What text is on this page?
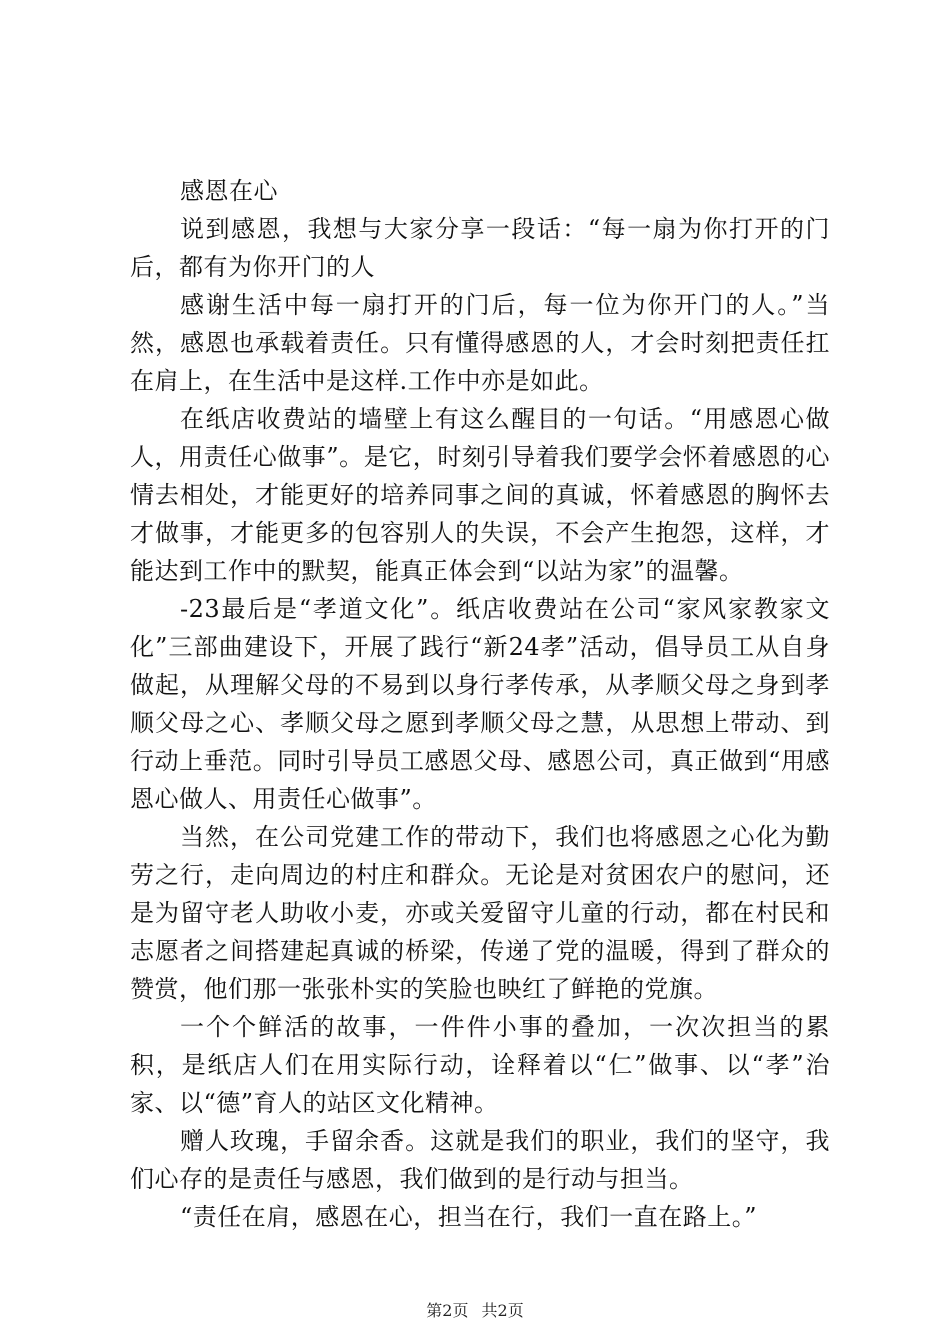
感恩在心

说到感恩，我想与大家分享一段话：“每一扇为你打开的门后，都有为你开门的人

感谢生活中每一扇打开的门后，每一位为你开门的人。”当然，感恩也承载着责任。只有懂得感恩的人，才会时刻把责任扛在肩上，在生活中是这样.工作中亦是如此。

在纸店收费站的墙壁上有这么醒目的一句话。“用感恩心做人，用责任心做事”。是它，时刻引导着我们要学会怀着感恩的心情去相处，才能更好的培养同事之间的真诚，怀着感恩的胸怀去才做事，才能更多的包容别人的失误，不会产生抱怨，这样，才能达到工作中的默契，能真正体会到“以站为家”的温馨。

-23最后是“孝道文化”。纸店收费站在公司“家风家教家文化”三部曲建设下，开展了践行“新24孝”活动，倡导员工从自身做起，从理解父母的不易到以身行孝传承，从孝顺父母之身到孝顺父母之心、孝顺父母之愿到孝顺父母之慧，从思想上带动、到行动上垂范。同时引导员工感恩父母、感恩公司，真正做到“用感恩心做人、用责任心做事”。

当然，在公司党建工作的带动下，我们也将感恩之心化为勤劳之行，走向周边的村庄和群众。无论是对贫困农户的慰问，还是为留守老人助收小麦，亦或关爱留守儿童的行动，都在村民和志愿者之间搭建起真诚的桥梁，传递了党的温暖，得到了群众的赞赏，他们那一张张朴实的笑脸也映红了鲜艳的党旗。

一个个鲜活的故事，一件件小事的叠加，一次次担当的累积，是纸店人们在用实际行动，诠释着以“仁”做事、以“孝”治家、以“德”育人的站区文化精神。

赠人玫瑰，手留余香。这就是我们的职业，我们的坚守，我们心存的是责任与感恩，我们做到的是行动与担当。

“责任在肩，感恩在心，担当在行，我们一直在路上。”

第2页 共2页
